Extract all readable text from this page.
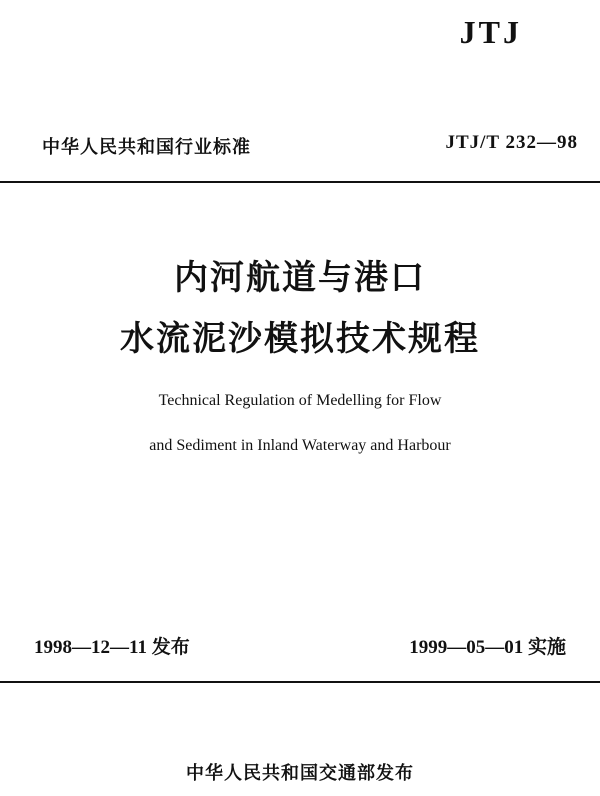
JTJ
中华人民共和国行业标准	JTJ/T 232—98
内河航道与港口
水流泥沙模拟技术规程
Technical Regulation of Medelling for Flow
and Sediment in Inland Waterway and Harbour
1998—12—11 发布	1999—05—01 实施
中华人民共和国交通部发布
